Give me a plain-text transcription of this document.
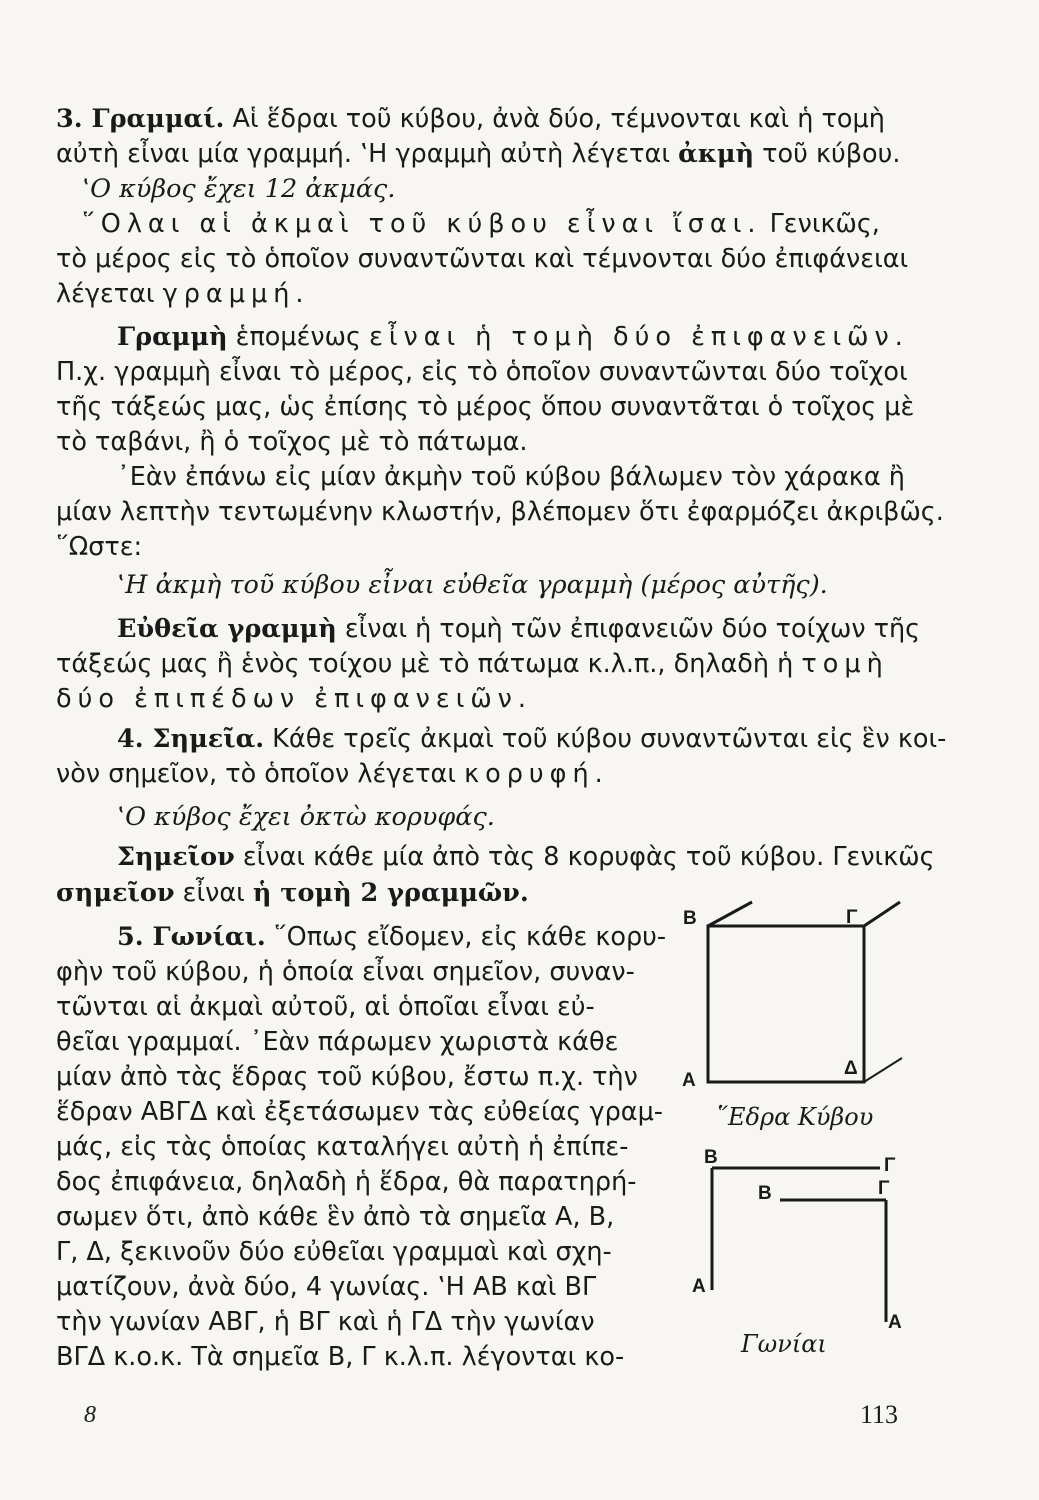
3. Γραμμαί. Αἱ ἕδραι τοῦ κύβου, ἀνὰ δύο, τέμνονται καὶ ἡ τομὴ
αὐτὴ εἶναι μία γραμμή. ‛Η γραμμὴ αὐτὴ λέγεται ἀκμὴ τοῦ κύβου.
‛Ο κύβος ἔχει 12 ἀκμάς.
῞Ολαι αἱ ἀκμαὶ τοῦ κύβου εἶναι ἴσαι. Γενικῶς,
τὸ μέρος εἰς τὸ ὁποῖον συναντῶνται καὶ τέμνονται δύο ἐπιφάνειαι
λέγεται γραμμή.
Γραμμὴ ἑπομένως εἶναι ἡ τομὴ δύο ἐπιφανειῶν.
Π.χ. γραμμὴ εἶναι τὸ μέρος, εἰς τὸ ὁποῖον συναντῶνται δύο τοῖχοι
τῆς τάξεώς μας, ὡς ἐπίσης τὸ μέρος ὅπου συναντᾶται ὁ τοῖχος μὲ
τὸ ταβάνι, ἢ ὁ τοῖχος μὲ τὸ πάτωμα.
᾿Εὰν ἐπάνω εἰς μίαν ἀκμὴν τοῦ κύβου βάλωμεν τὸν χάρακα ἢ
μίαν λεπτὴν τεντωμένην κλωστήν, βλέπομεν ὅτι ἐφαρμόζει ἀκριβῶς.
῞Ωστε:
‛Η ἀκμὴ τοῦ κύβου εἶναι εὐθεῖα γραμμὴ (μέρος αὐτῆς).
Εὐθεῖα γραμμὴ εἶναι ἡ τομὴ τῶν ἐπιφανειῶν δύο τοίχων τῆς
τάξεώς μας ἢ ἑνὸς τοίχου μὲ τὸ πάτωμα κ.λ.π., δηλαδὴ ἡ τομὴ
δύο ἐπιπέδων ἐπιφανειῶν.
4. Σημεῖα. Κάθε τρεῖς ἀκμαὶ τοῦ κύβου συναντῶνται εἰς ἓν κοι-
νὸν σημεῖον, τὸ ὁποῖον λέγεται κορυφή.
‛Ο κύβος ἔχει ὀκτὼ κορυφάς.
Σημεῖον εἶναι κάθε μία ἀπὸ τὰς 8 κορυφὰς τοῦ κύβου. Γενικῶς
σημεῖον εἶναι ἡ τομὴ 2 γραμμῶν.
5. Γωνίαι. ῞Οπως εἴδομεν, εἰς κάθε κορυ-
φὴν τοῦ κύβου, ἡ ὁποία εἶναι σημεῖον, συναν-
τῶνται αἱ ἀκμαὶ αὐτοῦ, αἱ ὁποῖαι εἶναι εὐ-
θεῖαι γραμμαί. ᾿Εὰν πάρωμεν χωριστὰ κάθε
μίαν ἀπὸ τὰς ἕδρας τοῦ κύβου, ἔστω π.χ. τὴν
ἕδραν ΑΒΓΔ καὶ ἐξετάσωμεν τὰς εὐθείας γραμ-
μάς, εἰς τὰς ὁποίας καταλήγει αὐτὴ ἡ ἐπίπε-
δος ἐπιφάνεια, δηλαδὴ ἡ ἕδρα, θὰ παρατηρή-
σωμεν ὅτι, ἀπὸ κάθε ἓν ἀπὸ τὰ σημεῖα Α, Β,
Γ, Δ, ξεκινοῦν δύο εὐθεῖαι γραμμαὶ καὶ σχη-
ματίζουν, ἀνὰ δύο, 4 γωνίας. ‛Η ΑΒ καὶ ΒΓ
τὴν γωνίαν ΑΒΓ, ἡ ΒΓ καὶ ἡ ΓΔ τὴν γωνίαν
ΒΓΔ κ.ο.κ. Τὰ σημεῖα Β, Γ κ.λ.π. λέγονται κο-
B	Γ
A
Δ
῞Εδρα Κύβου
B	Γ
B	Γ
A
A
Γωνίαι
8	113
